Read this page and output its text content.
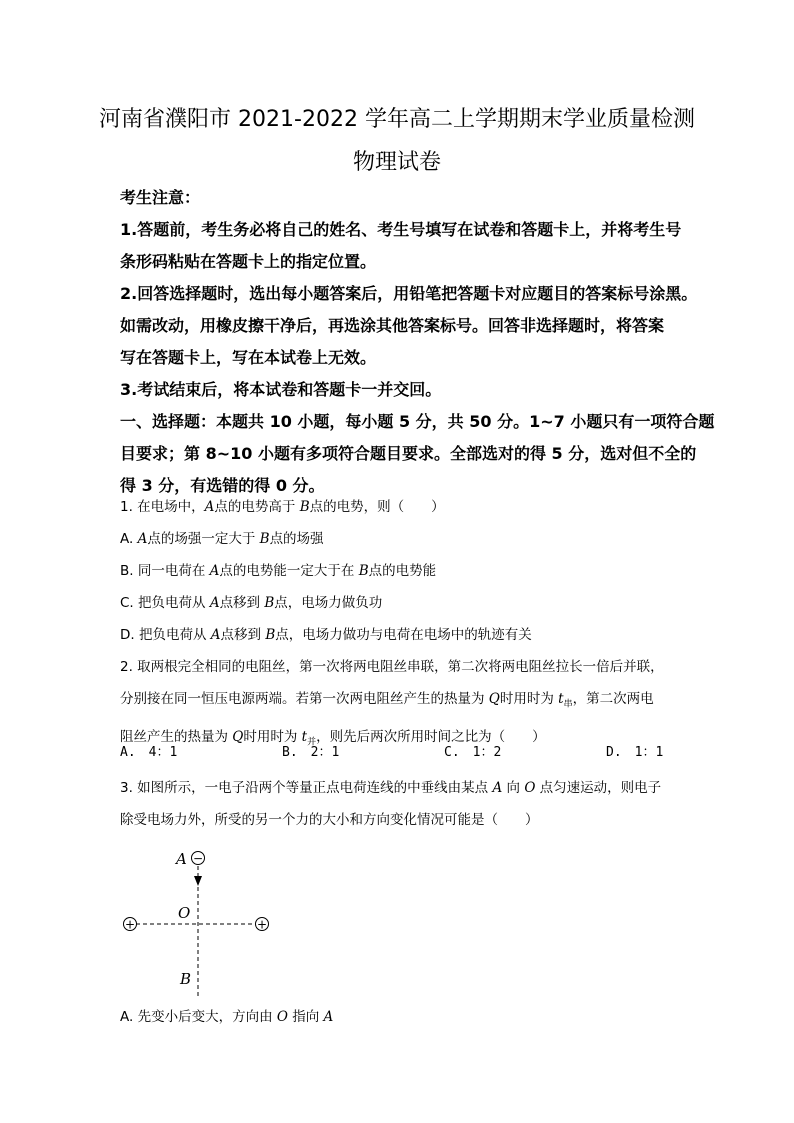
河南省濮阳市 2021-2022 学年高二上学期期末学业质量检测
物理试卷
考生注意：
1.答题前，考生务必将自己的姓名、考生号填写在试卷和答题卡上，并将考生号
条形码粘贴在答题卡上的指定位置。
2.回答选择题时，选出每小题答案后，用铅笔把答题卡对应题目的答案标号涂黑。
如需改动，用橡皮擦干净后，再选涂其他答案标号。回答非选择题时，将答案
写在答题卡上，写在本试卷上无效。
3.考试结束后，将本试卷和答题卡一并交回。
一、选择题：本题共 10 小题，每小题 5 分，共 50 分。1~7 小题只有一项符合题
目要求；第 8~10 小题有多项符合题目要求。全部选对的得 5 分，选对但不全的
得 3 分，有选错的得 0 分。
1. 在电场中，A点的电势高于 B点的电势，则（　　）
A. A点的场强一定大于 B点的场强
B. 同一电荷在 A点的电势能一定大于在 B点的电势能
C. 把负电荷从 A点移到 B点，电场力做负功
D. 把负电荷从 A点移到 B点，电场力做功与电荷在电场中的轨迹有关
2. 取两根完全相同的电阻丝，第一次将两电阻丝串联，第二次将两电阻丝拉长一倍后并联，
分别接在同一恒压电源两端。若第一次两电阻丝产生的热量为 Q时用时为 $t_串$，第二次两电
阻丝产生的热量为 Q时用时为 $t_并$，则先后两次所用时间之比为（　　）
A.　4：1	B.　2：1	C.　1：2	D.　1：1
3. 如图所示，一电子沿两个等量正点电荷连线的中垂线由某点 A 向 O 点匀速运动，则电子
除受电场力外，所受的另一个力的大小和方向变化情况可能是（　　）
−
+	+
A
O
B
A. 先变小后变大，方向由 O 指向 A
